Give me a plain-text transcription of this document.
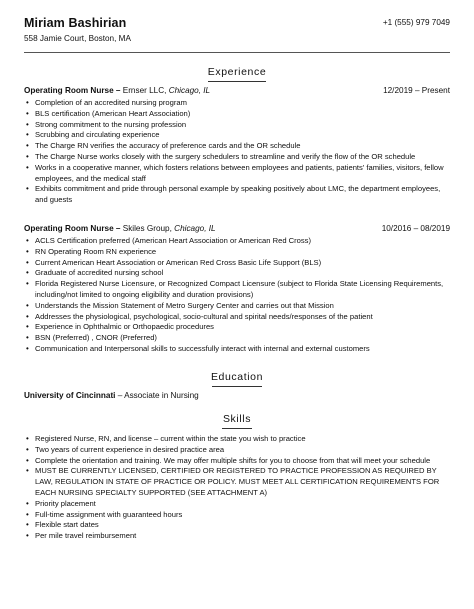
Miriam Bashirian	+1 (555) 979 7049
558 Jamie Court, Boston, MA
Experience
Operating Room Nurse – Ernser LLC, Chicago, IL	12/2019 – Present
• Completion of an accredited nursing program
• BLS certification (American Heart Association)
• Strong commitment to the nursing profession
• Scrubbing and circulating experience
• The Charge RN verifies the accuracy of preference cards and the OR schedule
• The Charge Nurse works closely with the surgery schedulers to streamline and verify the flow of the OR schedule
• Works in a cooperative manner, which fosters relations between employees and patients, patients' families, visitors, fellow employees, and the medical staff
• Exhibits commitment and pride through personal example by speaking positively about LMC, the department employees, and guests
Operating Room Nurse – Skiles Group, Chicago, IL	10/2016 – 08/2019
• ACLS Certification preferred (American Heart Association or American Red Cross)
• RN Operating Room RN experience
• Current American Heart Association or American Red Cross Basic Life Support (BLS)
• Graduate of accredited nursing school
• Florida Registered Nurse Licensure, or Recognized Compact Licensure (subject to Florida State Licensing Requirements, including/not limited to ongoing eligibility and duration provisions)
• Understands the Mission Statement of Metro Surgery Center and carries out that Mission
• Addresses the physiological, psychological, socio-cultural and spirital needs/responses of the patient
• Experience in Ophthalmic or Orthopaedic procedures
• BSN (Preferred) , CNOR (Preferred)
• Communication and Interpersonal skills to successfully interact with internal and external customers
Education
University of Cincinnati – Associate in Nursing
Skills
• Registered Nurse, RN, and license – current within the state you wish to practice
• Two years of current experience in desired practice area
• Complete the orientation and training. We may offer multiple shifts for you to choose from that will meet your schedule
• MUST BE CURRENTLY LICENSED, CERTIFIED OR REGISTERED TO PRACTICE PROFESSION AS REQUIRED BY LAW, REGULATION IN STATE OF PRACTICE OR POLICY. MUST MEET ALL CERTIFICATION REQUIREMENTS FOR EACH NURSING SPECIALTY SUPPORTED (SEE ATTACHMENT A)
• Priority placement
• Full-time assignment with guaranteed hours
• Flexible start dates
• Per mile travel reimbursement
